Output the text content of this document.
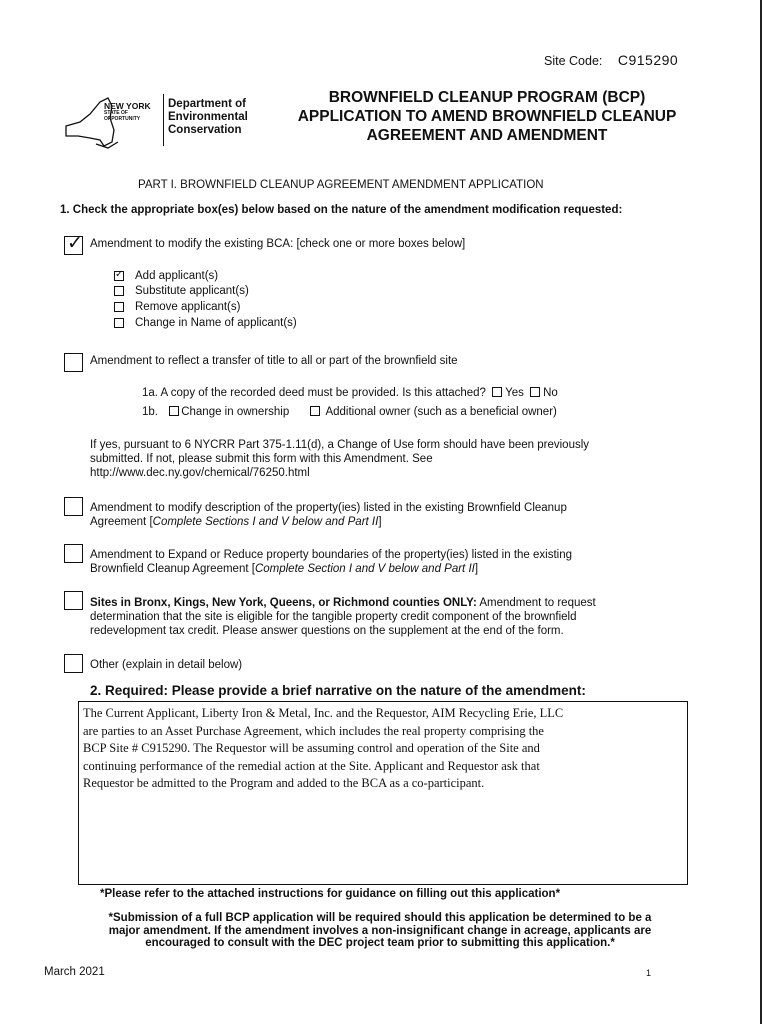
Site Code: C915290
NEW YORK
STATE OF
OPPORTUNITY
Department of
Environmental
Conservation
BROWNFIELD CLEANUP PROGRAM (BCP)
APPLICATION TO AMEND BROWNFIELD CLEANUP
AGREEMENT AND AMENDMENT
PART I. BROWNFIELD CLEANUP AGREEMENT AMENDMENT APPLICATION
1. Check the appropriate box(es) below based on the nature of the amendment modification requested:
✓ Amendment to modify the existing BCA: [check one or more boxes below]
✓ Add applicant(s)
Substitute applicant(s)
Remove applicant(s)
Change in Name of applicant(s)
Amendment to reflect a transfer of title to all or part of the brownfield site
1a. A copy of the recorded deed must be provided. Is this attached? Yes No
1b. Change in ownership	Additional owner (such as a beneficial owner)
If yes, pursuant to 6 NYCRR Part 375-1.11(d), a Change of Use form should have been previously
submitted. If not, please submit this form with this Amendment. See
http://www.dec.ny.gov/chemical/76250.html
Amendment to modify description of the property(ies) listed in the existing Brownfield Cleanup
Agreement [Complete Sections I and V below and Part II]
Amendment to Expand or Reduce property boundaries of the property(ies) listed in the existing
Brownfield Cleanup Agreement [Complete Section I and V below and Part II]
Sites in Bronx, Kings, New York, Queens, or Richmond counties ONLY: Amendment to request
determination that the site is eligible for the tangible property credit component of the brownfield
redevelopment tax credit. Please answer questions on the supplement at the end of the form.
Other (explain in detail below)
2. Required: Please provide a brief narrative on the nature of the amendment:
The Current Applicant, Liberty Iron & Metal, Inc. and the Requestor, AIM Recycling Erie, LLC
are parties to an Asset Purchase Agreement, which includes the real property comprising the
BCP Site # C915290. The Requestor will be assuming control and operation of the Site and
continuing performance of the remedial action at the Site. Applicant and Requestor ask that
Requestor be admitted to the Program and added to the BCA as a co-participant.
*Please refer to the attached instructions for guidance on filling out this application*
*Submission of a full BCP application will be required should this application be determined to be a
major amendment. If the amendment involves a non-insignificant change in acreage, applicants are
encouraged to consult with the DEC project team prior to submitting this application.*
March 2021	1
